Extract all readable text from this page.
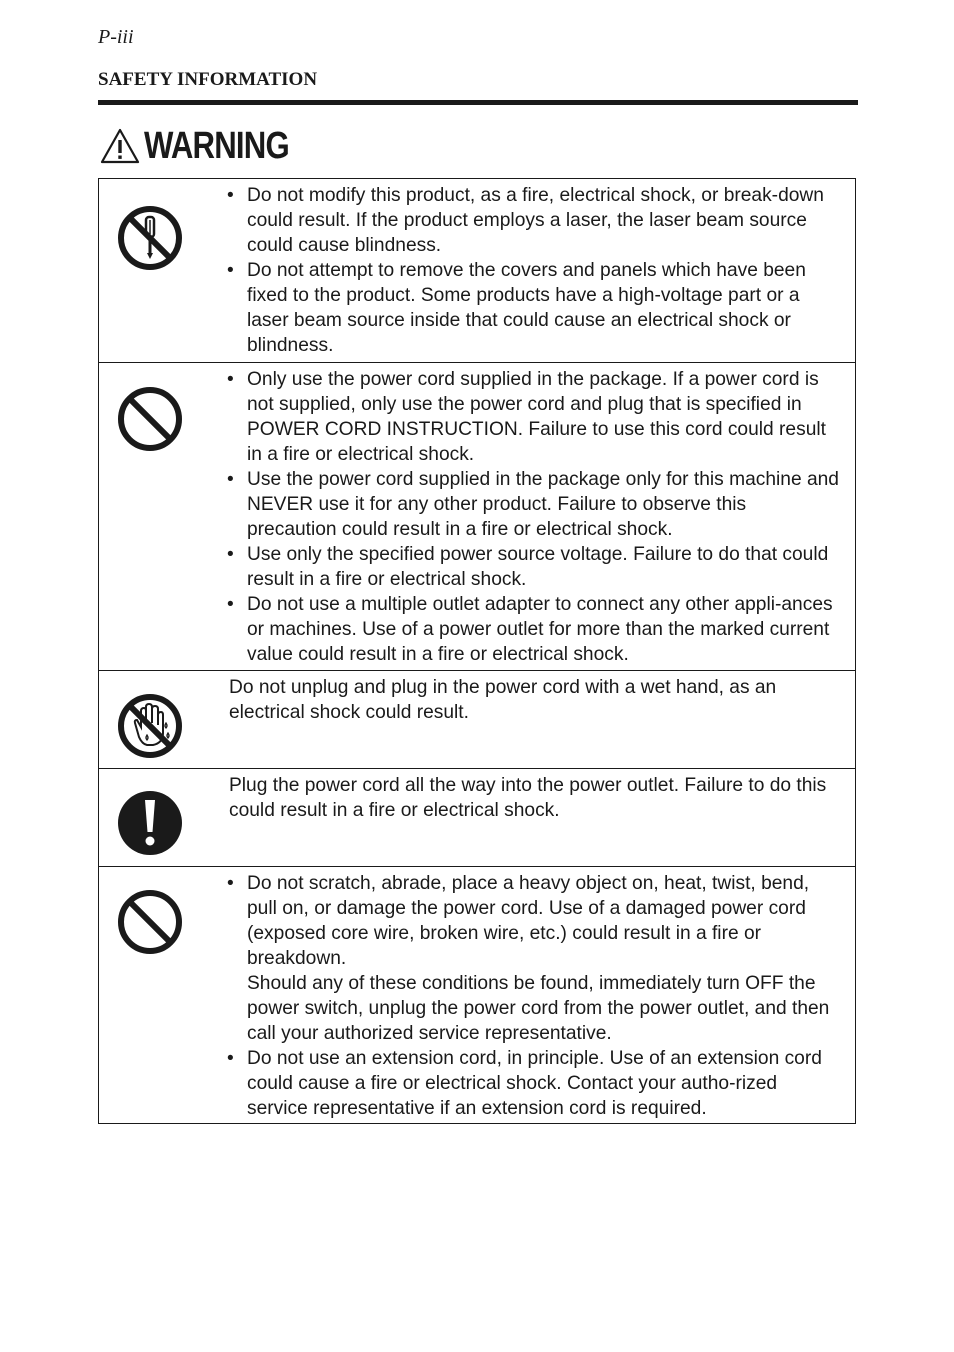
P-iii
SAFETY INFORMATION
WARNING
• Do not modify this product, as a fire, electrical shock, or break-down could result. If the product employs a laser, the laser beam source could cause blindness.
• Do not attempt to remove the covers and panels which have been fixed to the product. Some products have a high-voltage part or a laser beam source inside that could cause an electrical shock or blindness.
• Only use the power cord supplied in the package. If a power cord is not supplied, only use the power cord and plug that is specified in POWER CORD INSTRUCTION. Failure to use this cord could result in a fire or electrical shock.
• Use the power cord supplied in the package only for this machine and NEVER use it for any other product. Failure to observe this precaution could result in a fire or electrical shock.
• Use only the specified power source voltage. Failure to do that could result in a fire or electrical shock.
• Do not use a multiple outlet adapter to connect any other appli-ances or machines. Use of a power outlet for more than the marked current value could result in a fire or electrical shock.
Do not unplug and plug in the power cord with a wet hand, as an electrical shock could result.
Plug the power cord all the way into the power outlet. Failure to do this could result in a fire or electrical shock.
• Do not scratch, abrade, place a heavy object on, heat, twist, bend, pull on, or damage the power cord. Use of a damaged power cord (exposed core wire, broken wire, etc.) could result in a fire or breakdown.
Should any of these conditions be found, immediately turn OFF the power switch, unplug the power cord from the power outlet, and then call your authorized service representative.
• Do not use an extension cord, in principle. Use of an extension cord could cause a fire or electrical shock. Contact your autho-rized service representative if an extension cord is required.
